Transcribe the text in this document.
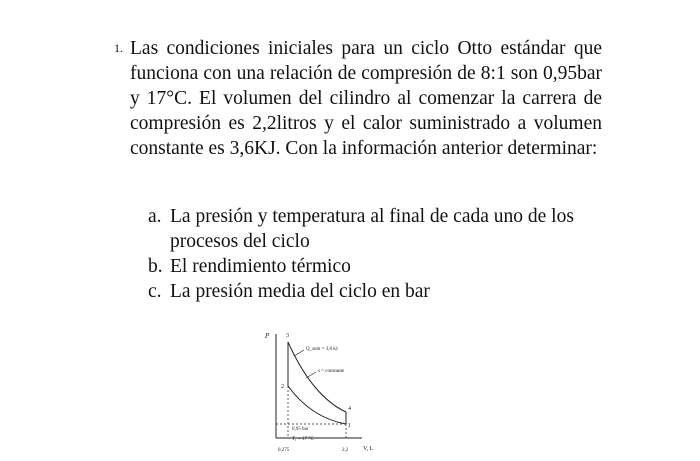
1. Las condiciones iniciales para un ciclo Otto estándar que funciona con una relación de compresión de 8:1 son 0,95bar y 17°C. El volumen del cilindro al comenzar la carrera de compresión es 2,2litros y el calor suministrado a volumen constante es 3,6KJ. Con la información anterior determinar:
a. La presión y temperatura al final de cada uno de los procesos del ciclo
b. El rendimiento térmico
c. La presión media del ciclo en bar
P
V, L
3
2
4
1
Q_sum = 3,6 kJ
s = constante
0,95 bar
T₁ = 17 °C
0,275	2,2
